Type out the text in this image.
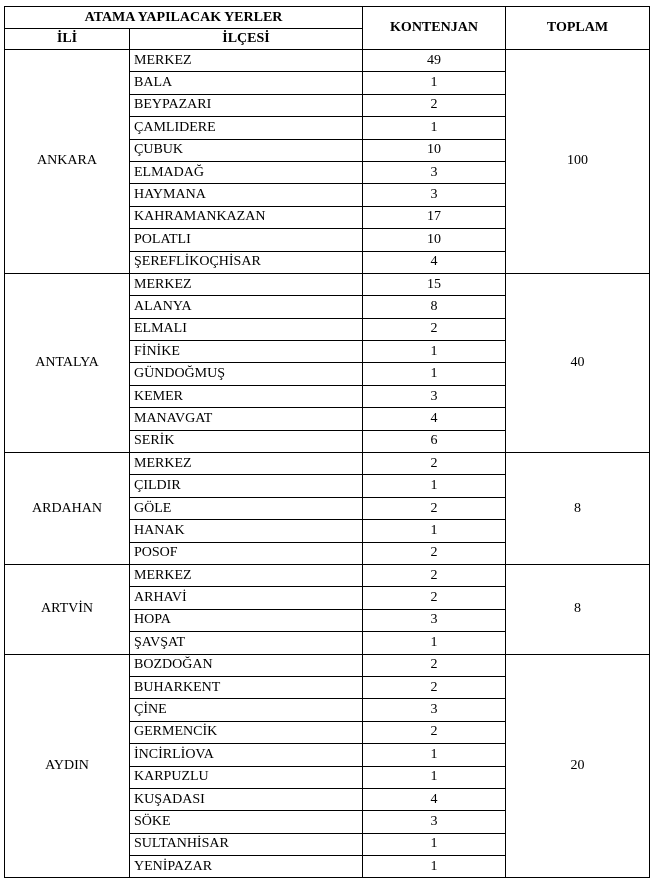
ATAMA YAPILACAK YERLER		KONTENJAN	TOPLAM
İLİ	İLÇESİ		
ANKARA	MERKEZ	49	100
	BALA	1	
	BEYPAZARI	2	
	ÇAMLIDERE	1	
	ÇUBUK	10	
	ELMADAĞ	3	
	HAYMANA	3	
	KAHRAMANKAZAN	17	
	POLATLI	10	
	ŞEREFLİKOÇHİSAR	4	
ANTALYA	MERKEZ	15	40
	ALANYA	8	
	ELMALI	2	
	FİNİKE	1	
	GÜNDOĞMUŞ	1	
	KEMER	3	
	MANAVGAT	4	
	SERİK	6	
ARDAHAN	MERKEZ	2	8
	ÇILDIR	1	
	GÖLE	2	
	HANAK	1	
	POSOF	2	
ARTVİN	MERKEZ	2	8
	ARHAVİ	2	
	HOPA	3	
	ŞAVŞAT	1	
AYDIN	BOZDOĞAN	2	20
	BUHARKENT	2	
	ÇİNE	3	
	GERMENCİK	2	
	İNCİRLİOVA	1	
	KARPUZLU	1	
	KUŞADASI	4	
	SÖKE	3	
	SULTANHİSAR	1	
	YENİPAZAR	1	
